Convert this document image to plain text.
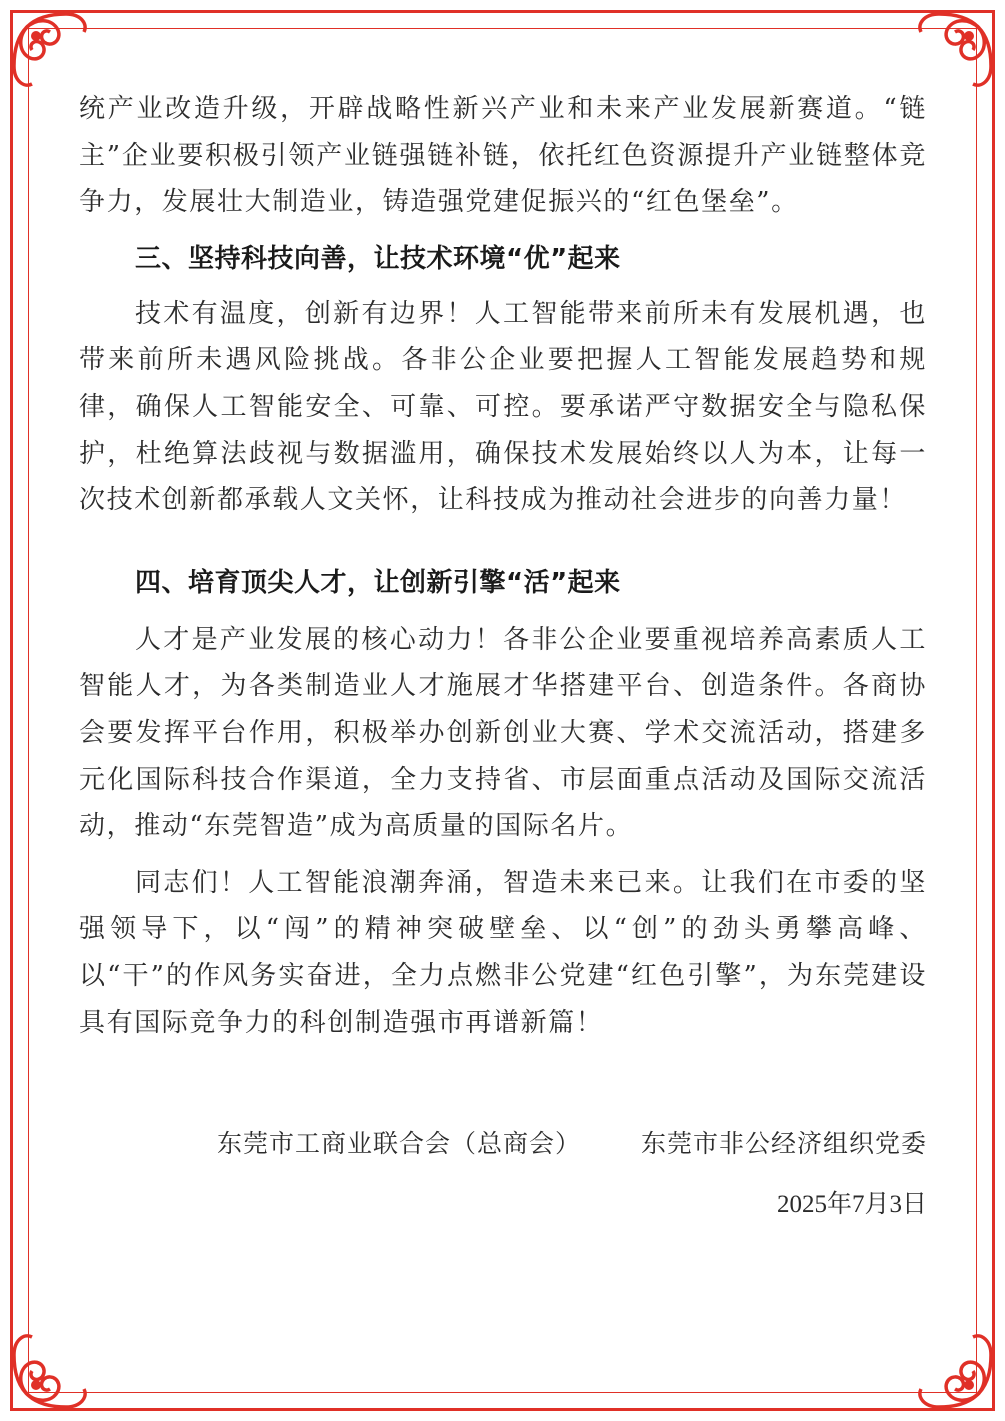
统产业改造升级，开辟战略性新兴产业和未来产业发展新赛道。“链主”企业要积极引领产业链强链补链，依托红色资源提升产业链整体竞争力，发展壮大制造业，铸造强党建促振兴的“红色堡垒”。

三、坚持科技向善，让技术环境“优”起来

技术有温度，创新有边界！人工智能带来前所未有发展机遇，也带来前所未遇风险挑战。各非公企业要把握人工智能发展趋势和规律，确保人工智能安全、可靠、可控。要承诺严守数据安全与隐私保护，杜绝算法歧视与数据滥用，确保技术发展始终以人为本，让每一次技术创新都承载人文关怀，让科技成为推动社会进步的向善力量！

四、培育顶尖人才，让创新引擎“活”起来

人才是产业发展的核心动力！各非公企业要重视培养高素质人工智能人才，为各类制造业人才施展才华搭建平台、创造条件。各商协会要发挥平台作用，积极举办创新创业大赛、学术交流活动，搭建多元化国际科技合作渠道，全力支持省、市层面重点活动及国际交流活动，推动“东莞智造”成为高质量的国际名片。

同志们！人工智能浪潮奔涌，智造未来已来。让我们在市委的坚强领导下，以“闯”的精神突破壁垒、以“创”的劲头勇攀高峰、以“干”的作风务实奋进，全力点燃非公党建“红色引擎”，为东莞建设具有国际竞争力的科创制造强市再谱新篇！

东莞市工商业联合会（总商会） 东莞市非公经济组织党委
2025年7月3日
